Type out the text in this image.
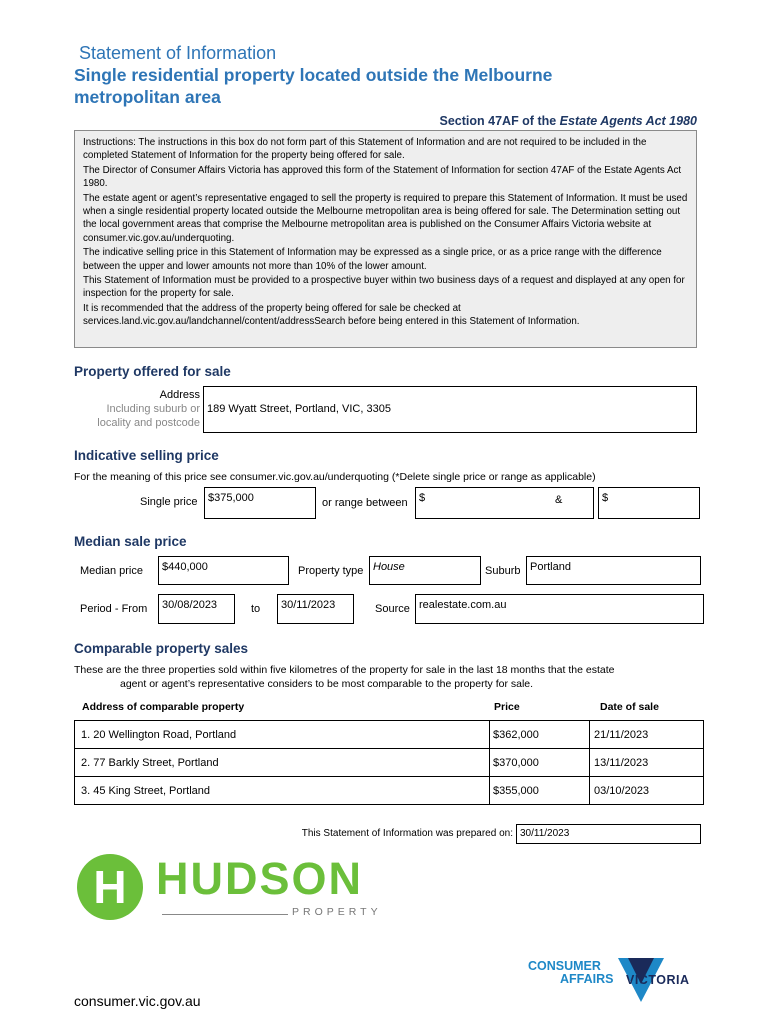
Statement of Information
Single residential property located outside the Melbourne
metropolitan area
Section 47AF of the Estate Agents Act 1980

Instructions: The instructions in this box do not form part of this Statement of Information and are not required to be included in the completed Statement of Information for the property being offered for sale.

The Director of Consumer Affairs Victoria has approved this form of the Statement of Information for section 47AF of the Estate Agents Act 1980.

The estate agent or agent’s representative engaged to sell the property is required to prepare this Statement of Information. It must be used when a single residential property located outside the Melbourne metropolitan area is being offered for sale. The Determination setting out the local government areas that comprise the Melbourne metropolitan area is published on the Consumer Affairs Victoria website at consumer.vic.gov.au/underquoting.

The indicative selling price in this Statement of Information may be expressed as a single price, or as a price range with the difference between the upper and lower amounts not more than 10% of the lower amount.

This Statement of Information must be provided to a prospective buyer within two business days of a request and displayed at any open for inspection for the property for sale.

It is recommended that the address of the property being offered for sale be checked at services.land.vic.gov.au/landchannel/content/addressSearch before being entered in this Statement of Information.

Property offered for sale
Address
Including suburb or
locality and postcode
189 Wyatt Street, Portland, VIC, 3305
Indicative selling price
For the meaning of this price see consumer.vic.gov.au/underquoting (*Delete single price or range as applicable)
Single price $375,000	or range between	$	&	$
Median sale price
Median price	$440,000	Property type House	Suburb Portland
Period - From	30/08/2023	to	30/11/2023	Source realestate.com.au
Comparable property sales
These are the three properties sold within five kilometres of the property for sale in the last 18 months that the estate
agent or agent’s representative considers to be most comparable to the property for sale.
Address of comparable property	Price	Date of sale
1. 20 Wellington Road, Portland	$362,000	21/11/2023
2. 77 Barkly Street, Portland	$370,000	13/11/2023
3. 45 King Street, Portland	$355,000	03/10/2023
This Statement of Information was prepared on: 30/11/2023
H HUDSON
PROPERTY
CONSUMER
AFFAIRS VICTORIA
consumer.vic.gov.au
